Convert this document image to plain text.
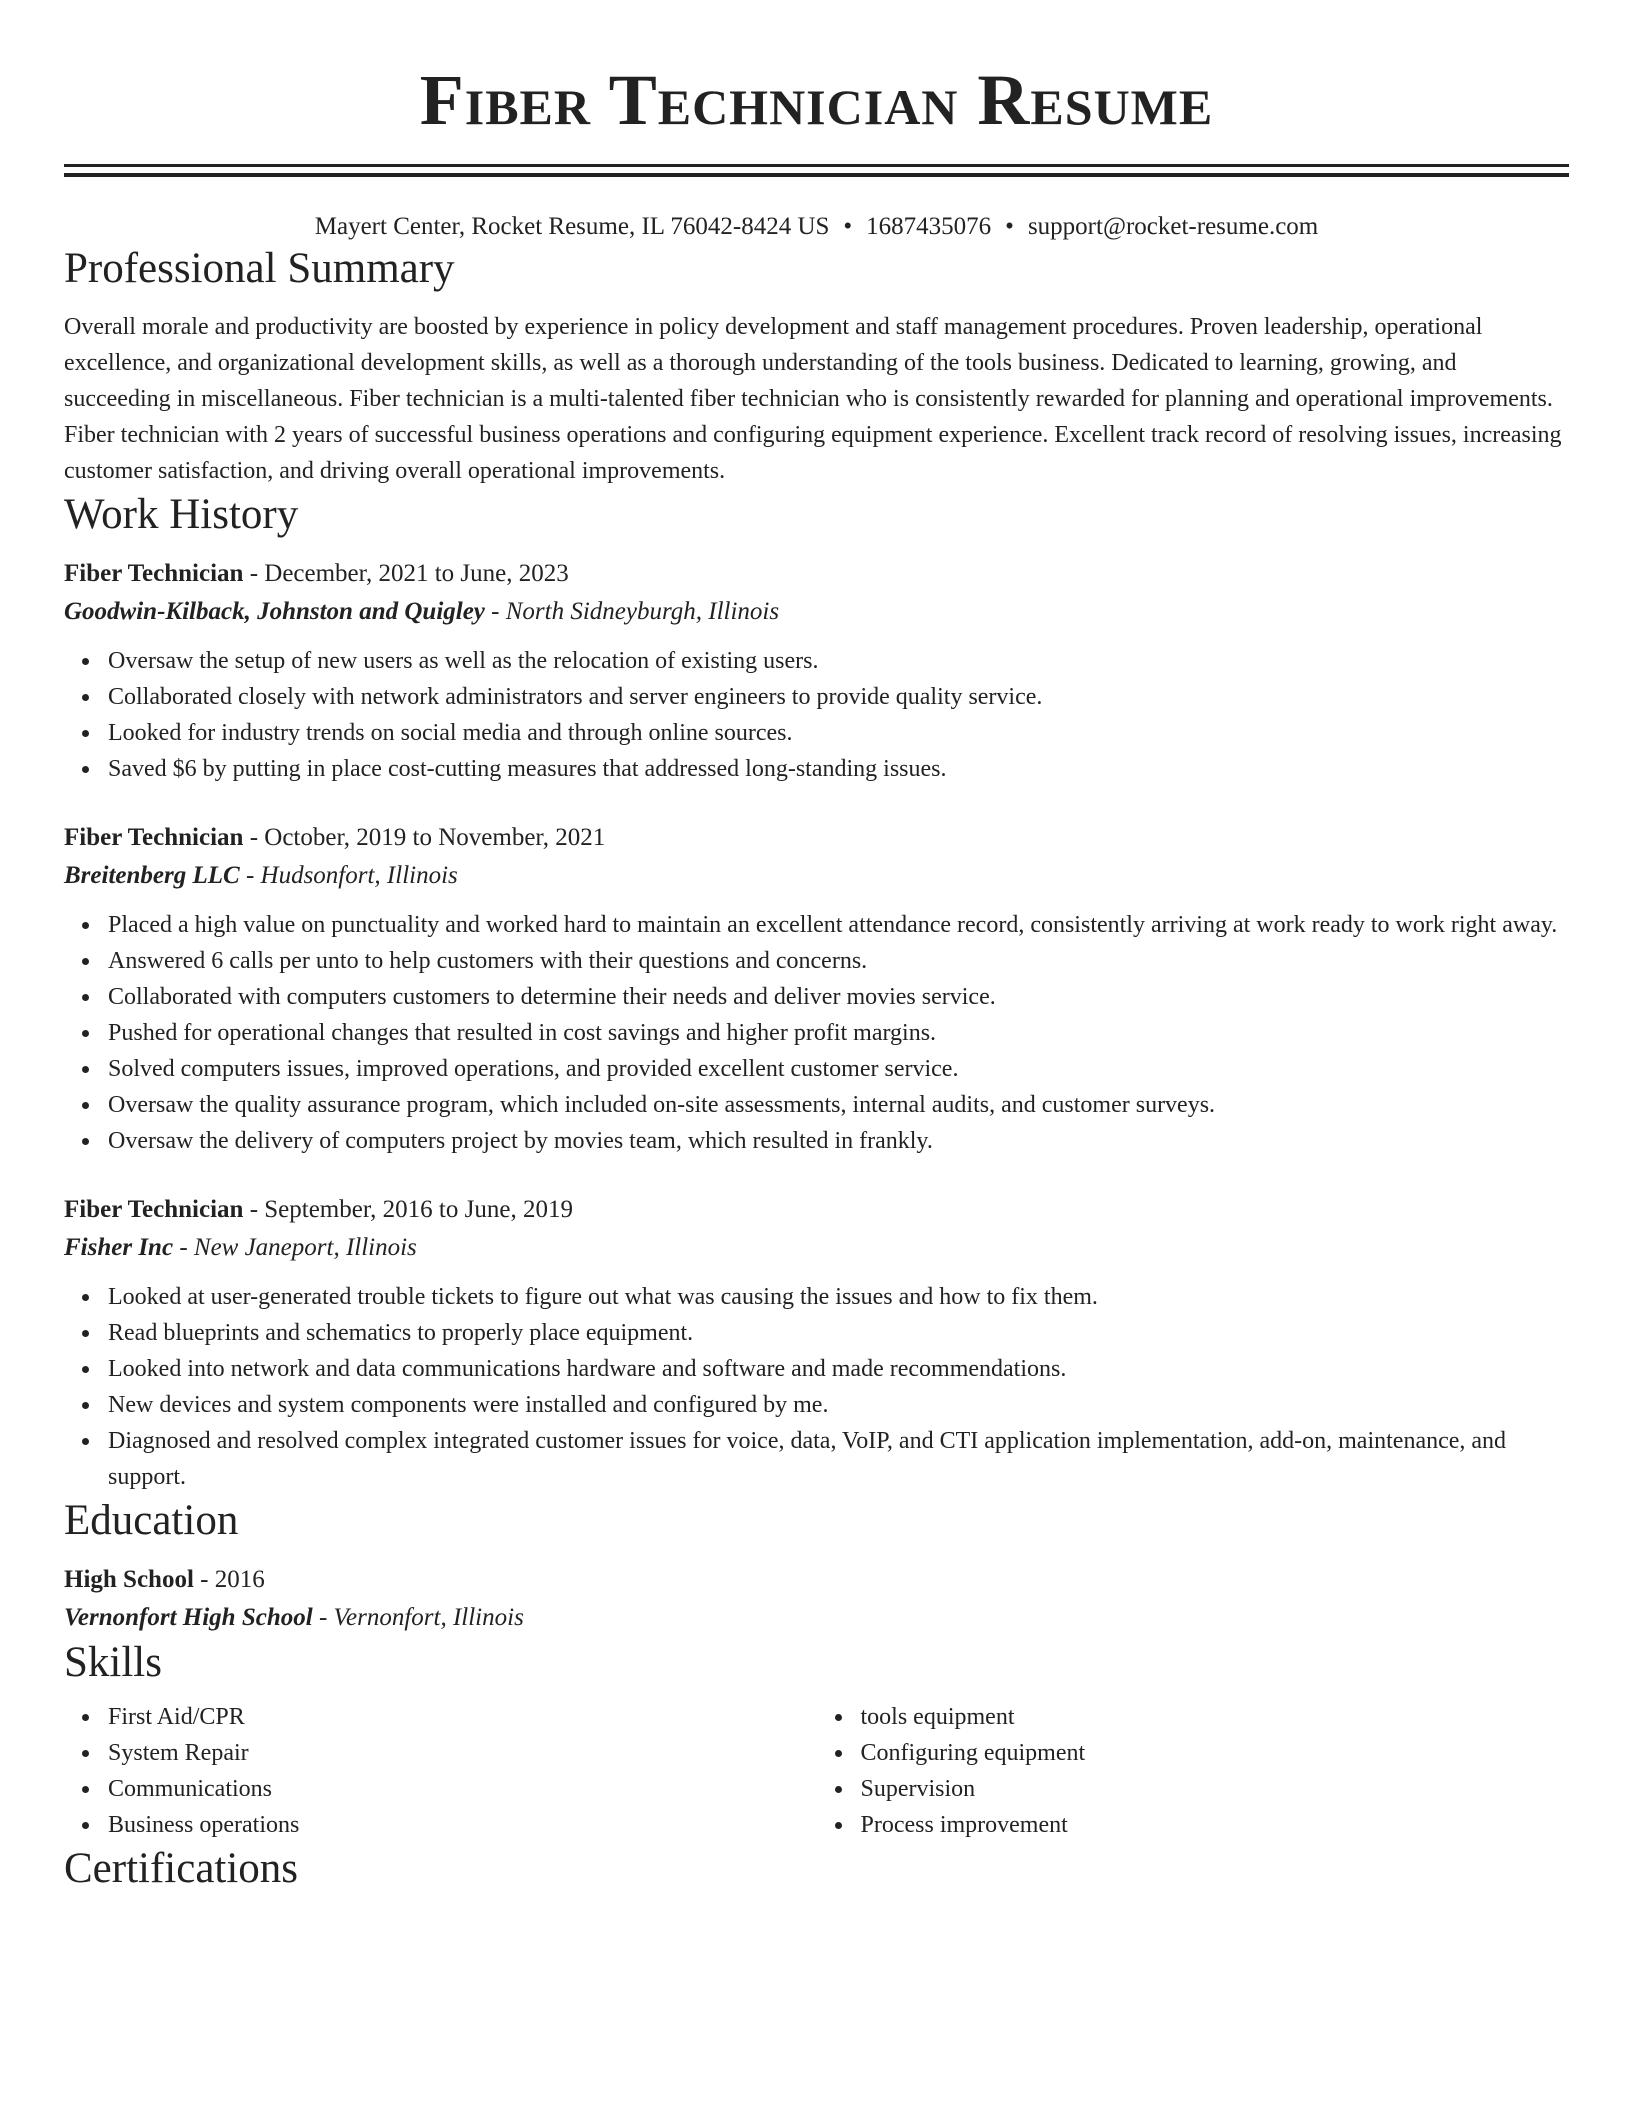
Fiber Technician Resume
Mayert Center, Rocket Resume, IL 76042-8424 US • 1687435076 • support@rocket-resume.com
Professional Summary

Overall morale and productivity are boosted by experience in policy development and staff management procedures. Proven leadership, operational excellence, and organizational development skills, as well as a thorough understanding of the tools business. Dedicated to learning, growing, and succeeding in miscellaneous. Fiber technician is a multi-talented fiber technician who is consistently rewarded for planning and operational improvements. Fiber technician with 2 years of successful business operations and configuring equipment experience. Excellent track record of resolving issues, increasing customer satisfaction, and driving overall operational improvements.

Work History
Fiber Technician - December, 2021 to June, 2023
Goodwin-Kilback, Johnston and Quigley - North Sidneyburgh, Illinois
Oversaw the setup of new users as well as the relocation of existing users.
Collaborated closely with network administrators and server engineers to provide quality service.
Looked for industry trends on social media and through online sources.
Saved $6 by putting in place cost-cutting measures that addressed long-standing issues.
Fiber Technician - October, 2019 to November, 2021
Breitenberg LLC - Hudsonfort, Illinois
Placed a high value on punctuality and worked hard to maintain an excellent attendance record, consistently arriving at work ready to work right away.
Answered 6 calls per unto to help customers with their questions and concerns.
Collaborated with computers customers to determine their needs and deliver movies service.
Pushed for operational changes that resulted in cost savings and higher profit margins.
Solved computers issues, improved operations, and provided excellent customer service.
Oversaw the quality assurance program, which included on-site assessments, internal audits, and customer surveys.
Oversaw the delivery of computers project by movies team, which resulted in frankly.
Fiber Technician - September, 2016 to June, 2019
Fisher Inc - New Janeport, Illinois
Looked at user-generated trouble tickets to figure out what was causing the issues and how to fix them.
Read blueprints and schematics to properly place equipment.
Looked into network and data communications hardware and software and made recommendations.
New devices and system components were installed and configured by me.
Diagnosed and resolved complex integrated customer issues for voice, data, VoIP, and CTI application implementation, add-on, maintenance, and support.
Education
High School - 2016
Vernonfort High School - Vernonfort, Illinois
Skills
First Aid/CPR
System Repair
Communications
Business operations
tools equipment
Configuring equipment
Supervision
Process improvement
Certifications
